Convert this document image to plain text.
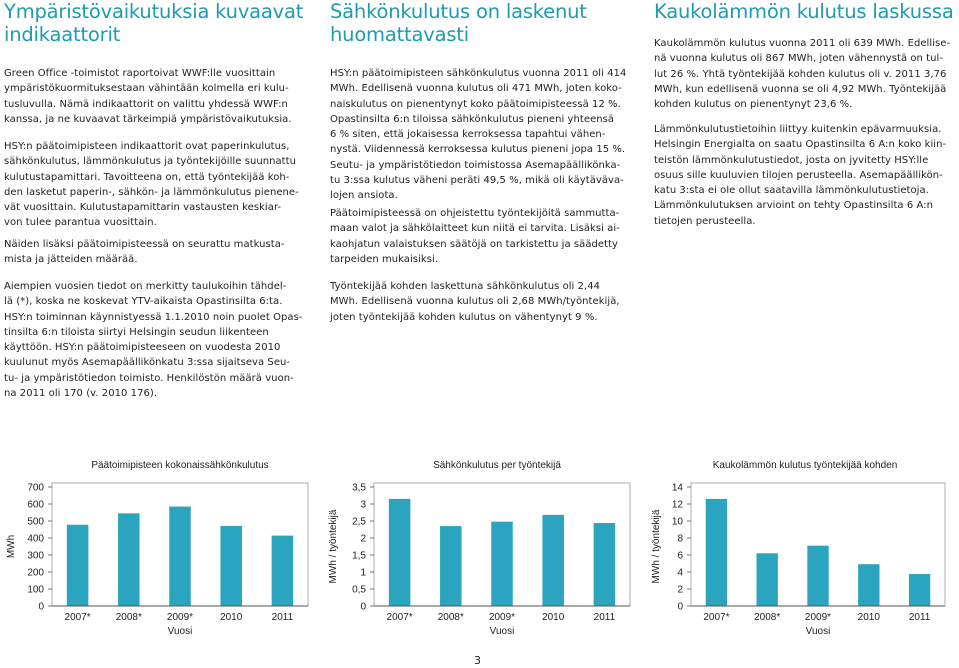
Ympäristövaikutuksia kuvaavat
indikaattorit
Green Office -toimistot raportoivat WWF:lle vuosittain
ympäristökuormituksestaan vähintään kolmella eri kulu-
tusluvulla. Nämä indikaattorit on valittu yhdessä WWF:n
kanssa, ja ne kuvaavat tärkeimpiä ympäristövaikutuksia.
HSY:n päätoimipisteen indikaattorit ovat paperinkulutus,
sähkönkulutus, lämmönkulutus ja työntekijöille suunnattu
kulutustapamittari. Tavoitteena on, että työntekijää koh-
den lasketut paperin-, sähkön- ja lämmönkulutus pienene-
vät vuosittain. Kulutustapamittarin vastausten keskiar-
von tulee parantua vuosittain.
Näiden lisäksi päätoimipisteessä on seurattu matkusta-
mista ja jätteiden määrää.
Aiempien vuosien tiedot on merkitty taulukoihin tähdel-
lä (*), koska ne koskevat YTV-aikaista Opastinsilta 6:ta.
HSY:n toiminnan käynnistyessä 1.1.2010 noin puolet Opas-
tinsilta 6:n tiloista siirtyi Helsingin seudun liikenteen
käyttöön. HSY:n päätoimipisteeseen on vuodesta 2010
kuulunut myös Asemapäällikönkatu 3:ssa sijaitseva Seu-
tu- ja ympäristötiedon toimisto. Henkilöstön määrä vuon-
na 2011 oli 170 (v. 2010 176).
Sähkönkulutus on laskenut
huomattavasti
HSY:n päätoimipisteen sähkönkulutus vuonna 2011 oli 414
MWh. Edellisenä vuonna kulutus oli 471 MWh, joten koko-
naiskulutus on pienentynyt koko päätoimipisteessä 12 %.
Opastinsilta 6:n tiloissa sähkönkulutus pieneni yhteensä
6 % siten, että jokaisessa kerroksessa tapahtui vähen-
nystä. Viidennessä kerroksessa kulutus pieneni jopa 15 %.
Seutu- ja ympäristötiedon toimistossa Asemapäällikönka-
tu 3:ssa kulutus väheni peräti 49,5 %, mikä oli käytäväva-
lojen ansiota.
Päätoimipisteessä on ohjeistettu työntekijöitä sammutta-
maan valot ja sähkölaitteet kun niitä ei tarvita. Lisäksi ai-
kaohjatun valaistuksen säätöjä on tarkistettu ja säädetty
tarpeiden mukaisiksi.
Työntekijää kohden laskettuna sähkönkulutus oli 2,44
MWh. Edellisenä vuonna kulutus oli 2,68 MWh/työntekijä,
joten työntekijää kohden kulutus on vähentynyt 9 %.
Kaukolämmön kulutus laskussa
Kaukolämmön kulutus vuonna 2011 oli 639 MWh. Edellise-
nä vuonna kulutus oli 867 MWh, joten vähennystä on tul-
lut 26 %. Yhtä työntekijää kohden kulutus oli v. 2011 3,76
MWh, kun edellisenä vuonna se oli 4,92 MWh. Työntekijää
kohden kulutus on pienentynyt 23,6 %.
Lämmönkulutustietoihin liittyy kuitenkin epävarmuuksia.
Helsingin Energialta on saatu Opastinsilta 6 A:n koko kiin-
teistön lämmönkulutustiedot, josta on jyvitetty HSY:lle
osuus sille kuuluvien tilojen perusteella. Asemapäällikön-
katu 3:sta ei ole ollut saatavilla lämmönkulutustietoja.
Lämmönkulutuksen arvioint on tehty Opastinsilta 6 A:n
tietojen perusteella.
Päätoimipisteen kokonaissähkönkulutus
0
100
200
300
400
500
600
700
MWh
2007*	2008*	2009*	2010	2011
Vuosi
Sähkönkulutus per työntekijä
0
0,5
1
1,5
2
2,5
3
3,5
MWh / työntekijä
2007*	2008*	2009*	2010	2011
Vuosi
Kaukolämmön kulutus työntekijää kohden
0
2
4
6
8
10
12
14
MWh / työntekijä
2007* 2008* 2009*	2010	2011
Vuosi
3
